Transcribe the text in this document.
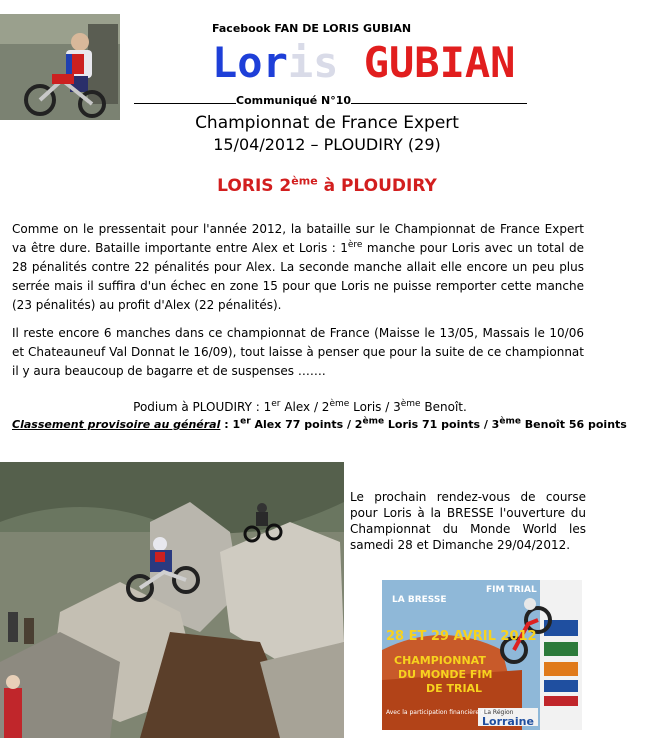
Facebook FAN DE LORIS GUBIAN
Loris GUBIAN
Communiqué N°10
Championnat de France Expert
15/04/2012 – PLOUDIRY (29)
LORIS 2ème à PLOUDIRY
Comme on le pressentait pour l'année 2012, la bataille sur le Championnat de France Expert va être dure. Bataille importante entre Alex et Loris : 1ère manche pour Loris avec un total de 28 pénalités contre 22 pénalités pour Alex. La seconde manche allait elle encore un peu plus serrée mais il suffira d'un échec en zone 15 pour que Loris ne puisse remporter cette manche (23 pénalités) au profit d'Alex (22 pénalités).
Il reste encore 6 manches dans ce championnat de France (Maisse le 13/05, Massais le 10/06 et Chateauneuf Val Donnat le 16/09), tout laisse à penser que pour la suite de ce championnat il y aura beaucoup de bagarre et de suspenses …….
Podium à PLOUDIRY : 1er Alex / 2ème Loris / 3ème Benoît.
Classement provisoire au général : 1er Alex 77 points / 2ème Loris 71 points / 3ème Benoît 56 points
Le prochain rendez-vous de course pour Loris à la BRESSE l'ouverture du Championnat du Monde World les samedi 28 et Dimanche 29/04/2012.
LA BRESSE
FIM TRIAL
28 ET 29 AVRIL 2012
CHAMPIONNAT
DU MONDE FIM
DE TRIAL
Avec la participation financière de
La Région
Lorraine
